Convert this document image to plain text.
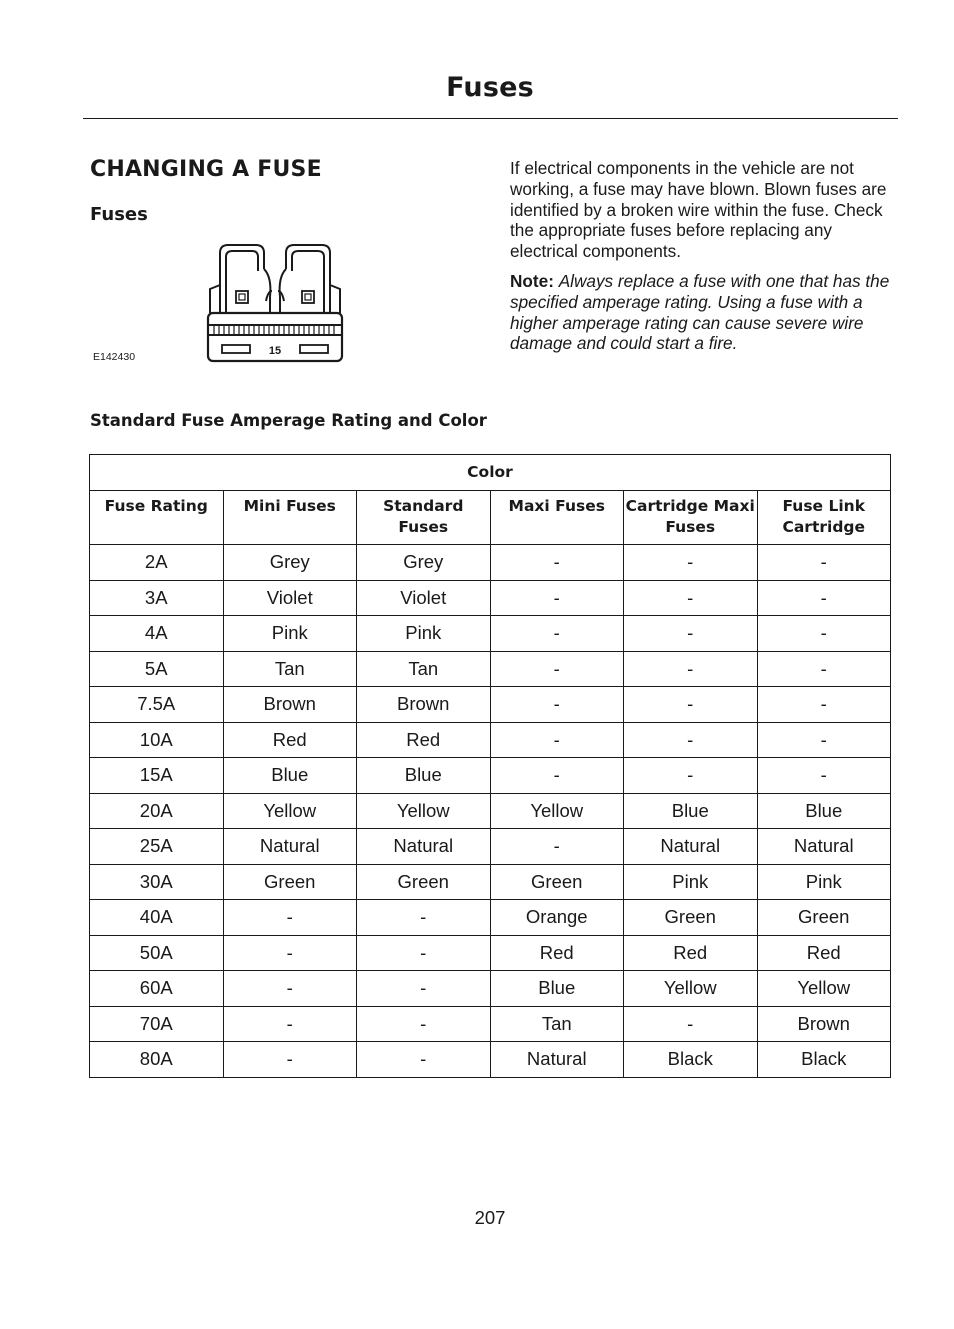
Fuses
CHANGING A FUSE
Fuses
15
E142430

If electrical components in the vehicle are not working, a fuse may have blown. Blown fuses are identified by a broken wire within the fuse. Check the appropriate fuses before replacing any electrical components.

Note: Always replace a fuse with one that has the specified amperage rating. Using a fuse with a higher amperage rating can cause severe wire damage and could start a fire.

Standard Fuse Amperage Rating and Color
Color					
Fuse Rating	Mini Fuses	Standard Fuses	Maxi Fuses	Cartridge Maxi Fuses	Fuse Link Cartridge
2A	Grey	Grey	-	-	-
3A	Violet	Violet	-	-	-
4A	Pink	Pink	-	-	-
5A	Tan	Tan	-	-	-
7.5A	Brown	Brown	-	-	-
10A	Red	Red	-	-	-
15A	Blue	Blue	-	-	-
20A	Yellow	Yellow	Yellow	Blue	Blue
25A	Natural	Natural	-	Natural	Natural
30A	Green	Green	Green	Pink	Pink
40A	-	-	Orange	Green	Green
50A	-	-	Red	Red	Red
60A	-	-	Blue	Yellow	Yellow
70A	-	-	Tan	-	Brown
80A	-	-	Natural	Black	Black
207
